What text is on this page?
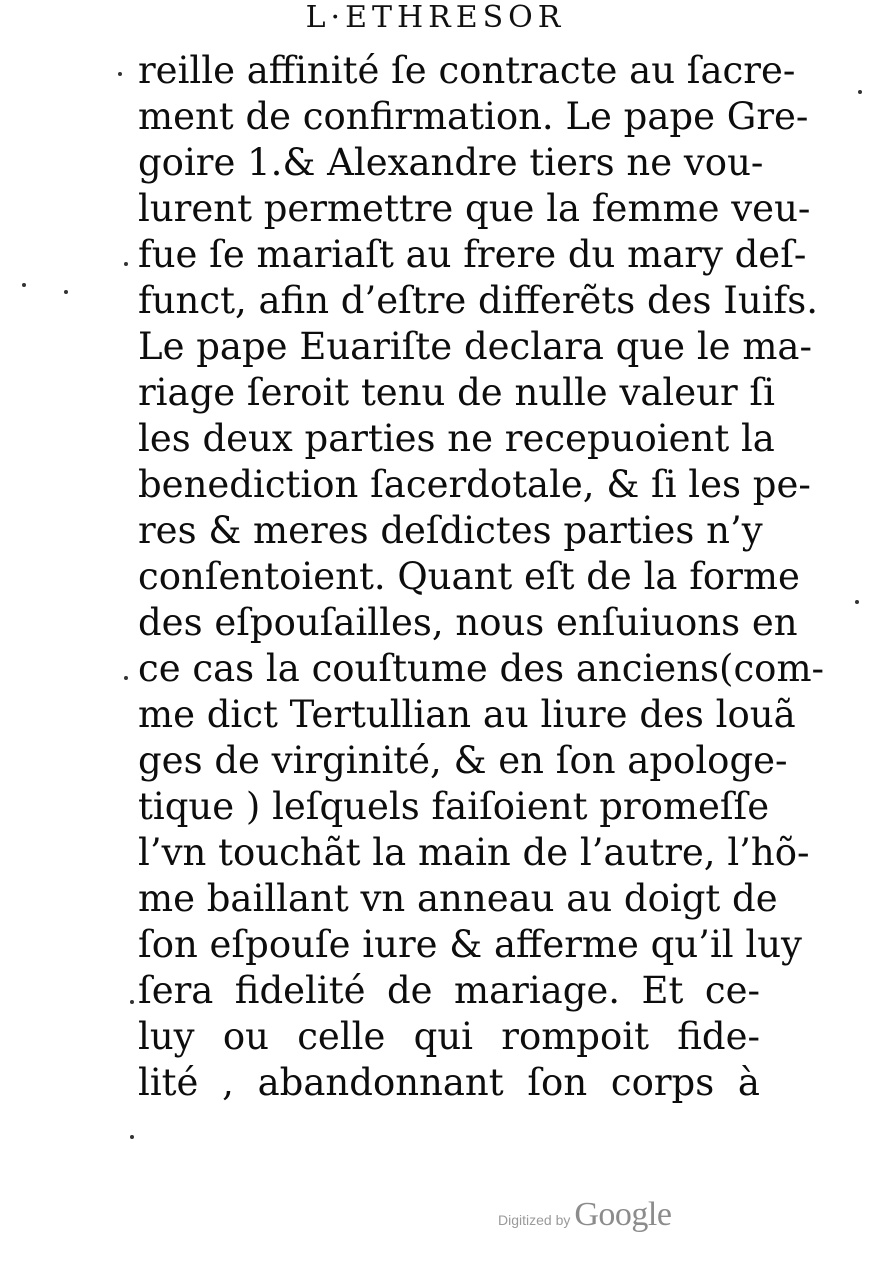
L·ETHRESOR
reille affinité ſe contracte au ſacre-
ment de confirmation. Le pape Gre-
goire 1.& Alexandre tiers ne vou-
lurent permettre que la femme veu-
fue ſe mariaſt au frere du mary deſ-
funct, afin d’eſtre differẽts des Iuifs.
Le pape Euariſte declara que le ma-
riage ſeroit tenu de nulle valeur ſi
les deux parties ne recepuoient la
benediction ſacerdotale, & ſi les pe-
res & meres deſdictes parties n’y
conſentoient. Quant eſt de la forme
des eſpouſailles, nous enſuiuons en
ce cas la couſtume des anciens(com-
me dict Tertullian au liure des louã
ges de virginité, & en ſon apologe-
tique ) leſquels faiſoient promeſſe
l’vn touchãt la main de l’autre, l’hõ-
me baillant vn anneau au doigt de
ſon eſpouſe iure & afferme qu’il luy
ſera fidelité de mariage. Et ce-
luy ou celle qui rompoit fide-
lité , abandonnant ſon corps à
Digitized by Google
